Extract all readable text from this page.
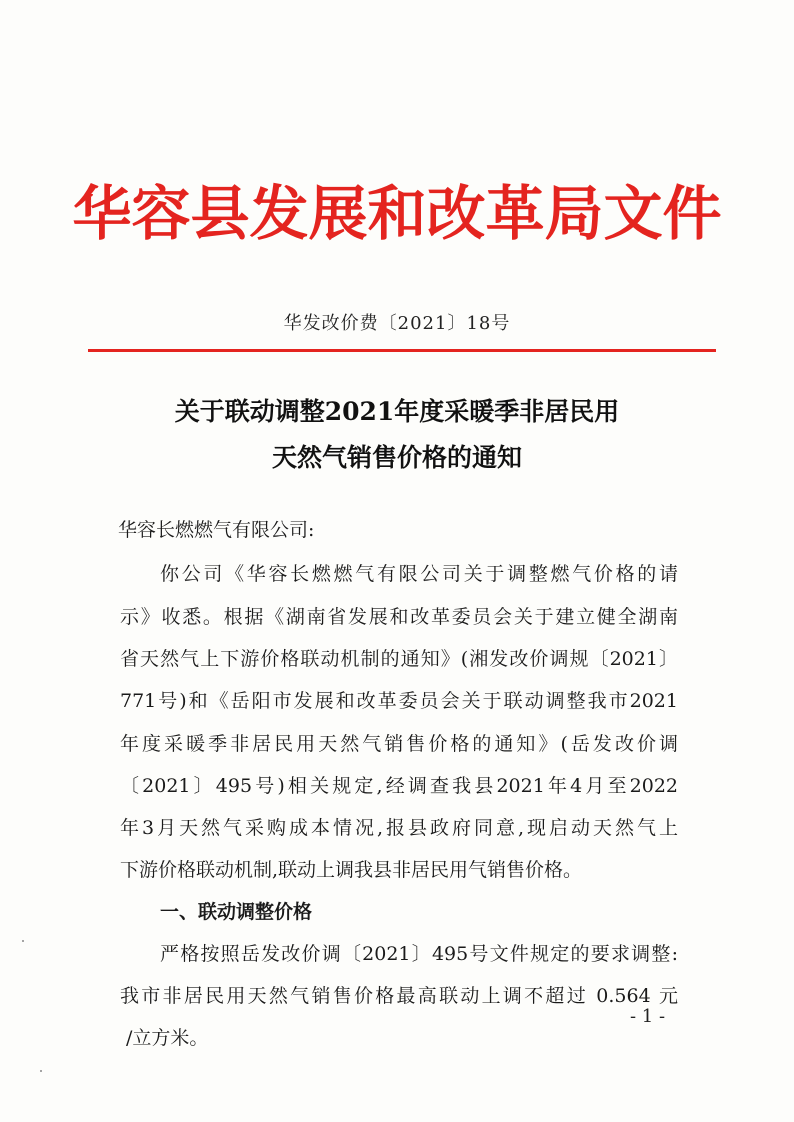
华容县发展和改革局文件
华发改价费〔2021〕18号
关于联动调整2021年度采暖季非居民用
天然气销售价格的通知
华容长燃燃气有限公司:
你公司《华容长燃燃气有限公司关于调整燃气价格的请
示》收悉。根据《湖南省发展和改革委员会关于建立健全湖南
省天然气上下游价格联动机制的通知》(湘发改价调规〔2021〕
771号)和《岳阳市发展和改革委员会关于联动调整我市2021
年度采暖季非居民用天然气销售价格的通知》(岳发改价调
〔2021〕495号)相关规定,经调查我县2021年4月至2022
年3月天然气采购成本情况,报县政府同意,现启动天然气上
下游价格联动机制,联动上调我县非居民用气销售价格。
一、联动调整价格
严格按照岳发改价调〔2021〕495号文件规定的要求调整:
我市非居民用天然气销售价格最高联动上调不超过 0.564 元
/立方米。
- 1 -
